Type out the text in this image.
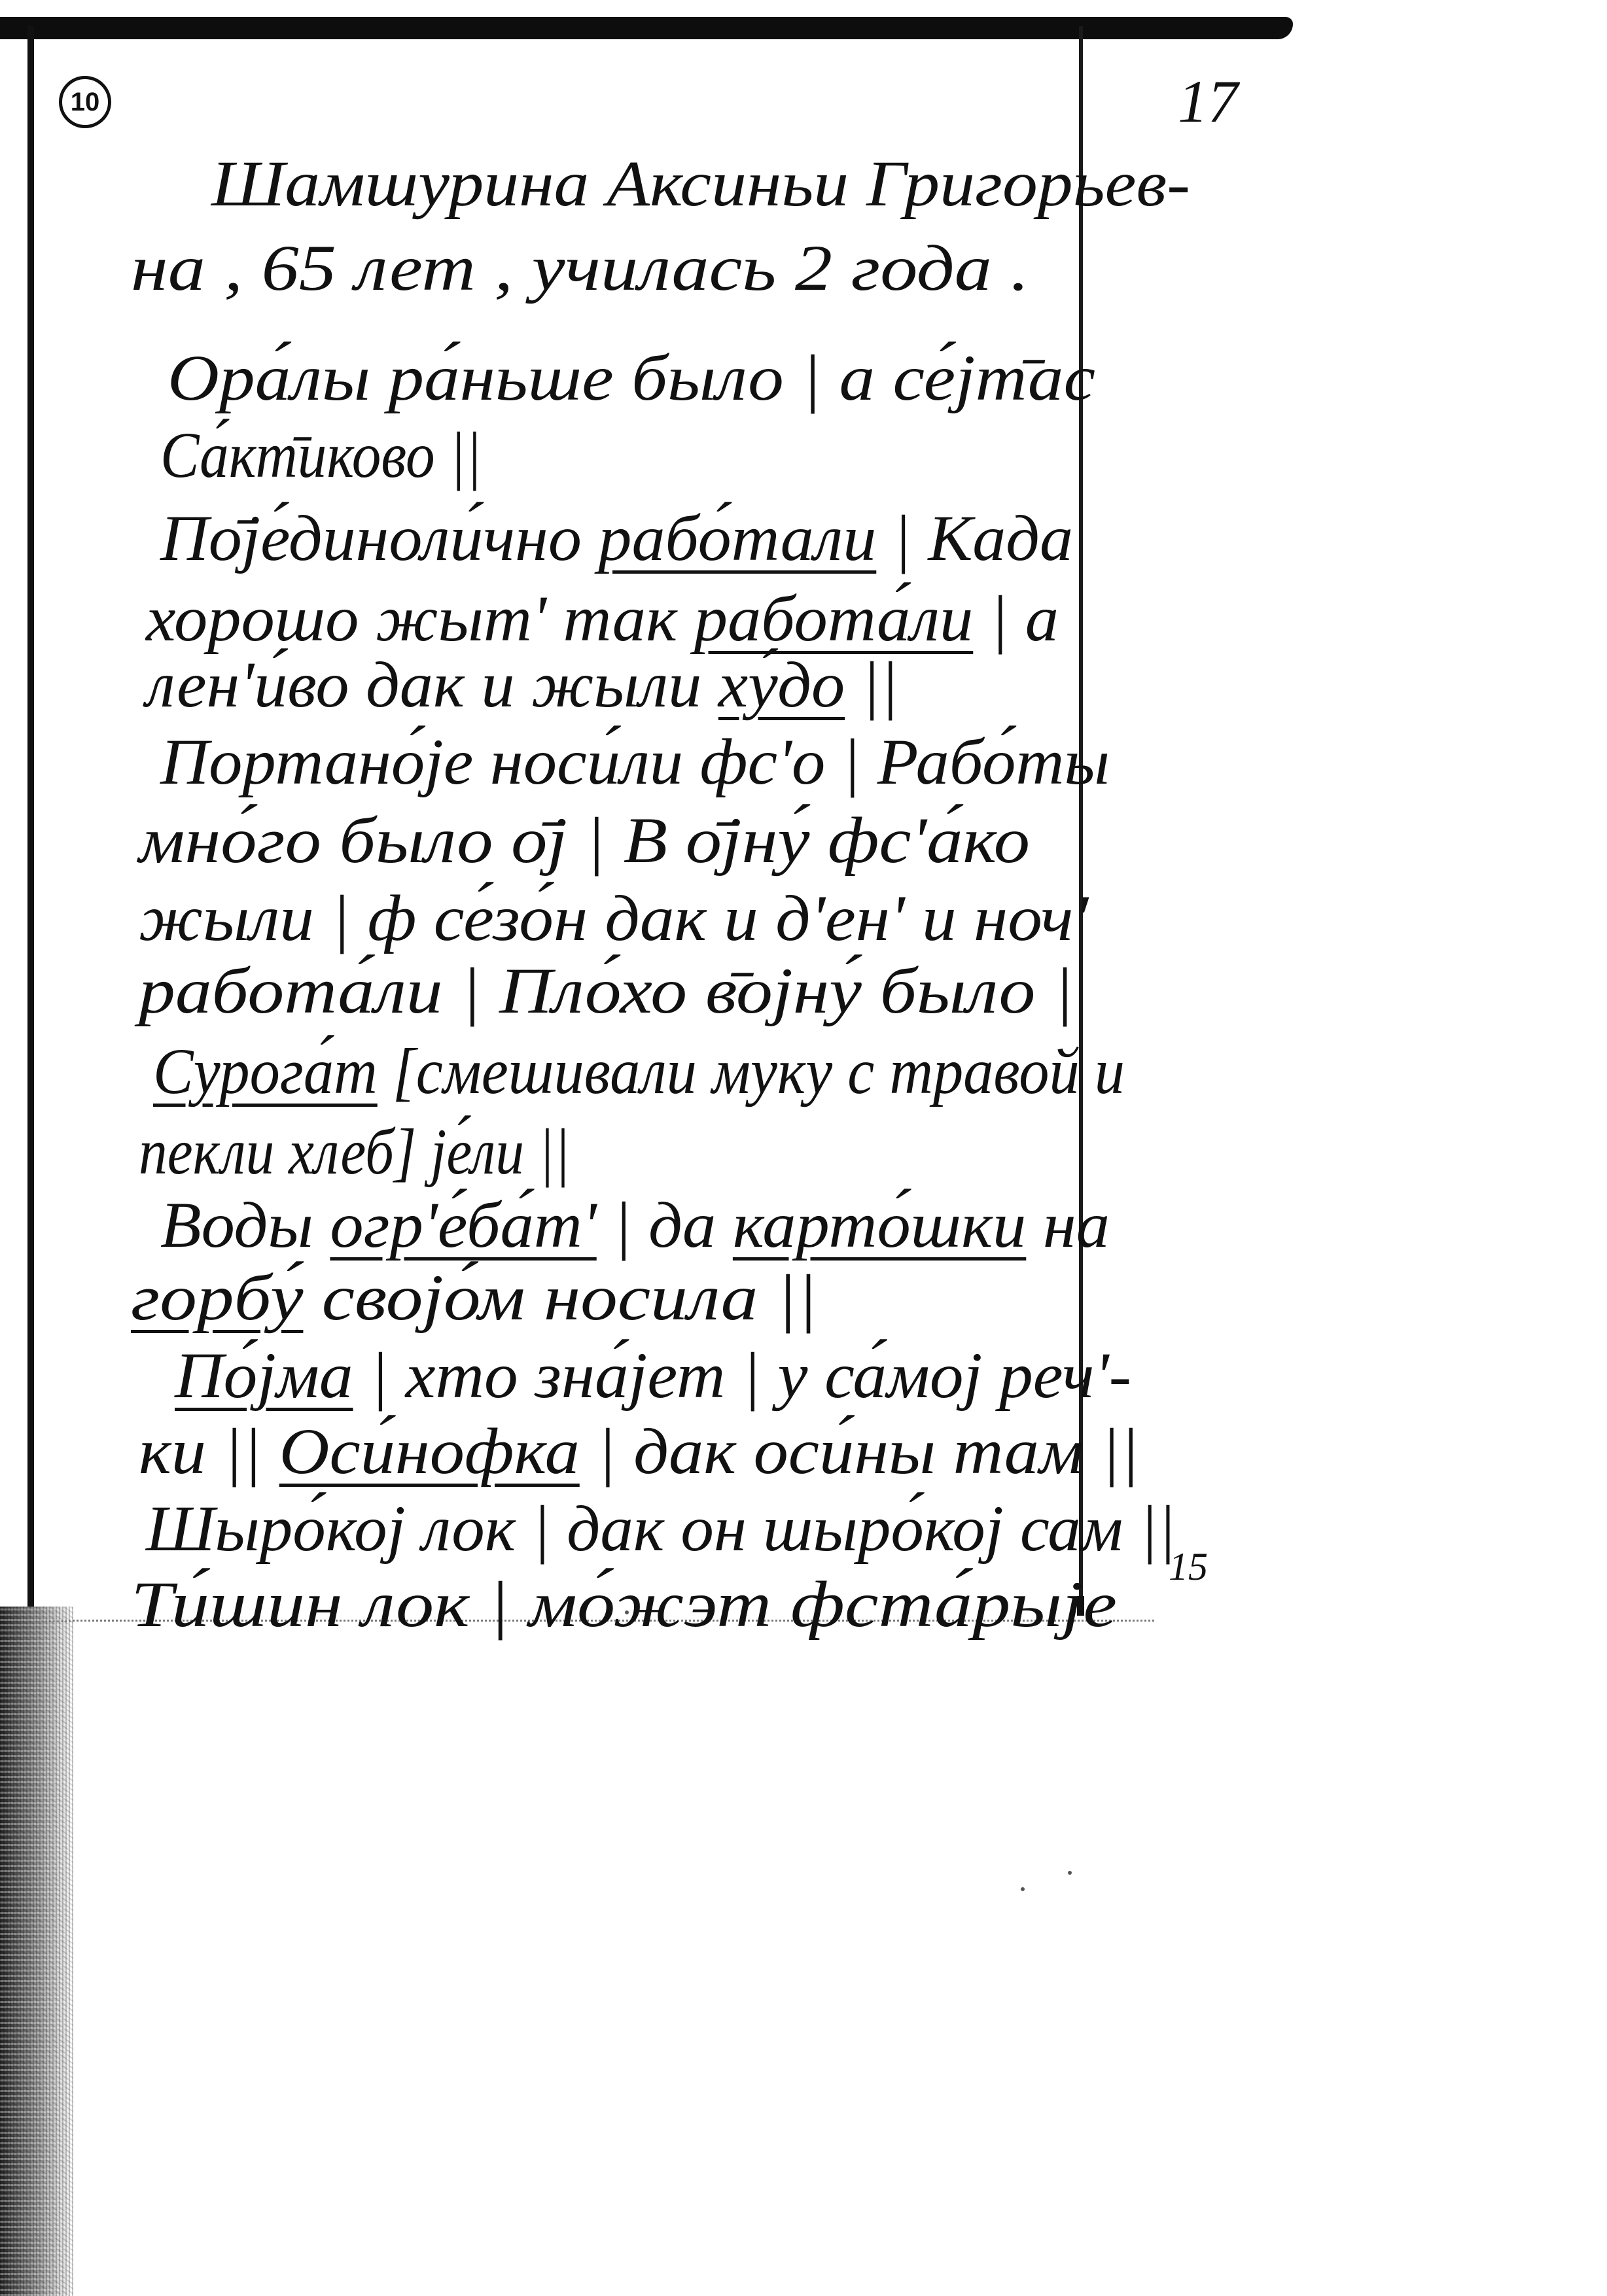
10

Шамшурина Аксиньи Григорьев-

на , 65 лет , училась 2 года .

17

Ора́лы ра́ньше было | а се́јт̄ас

Са́кт̄иково ||

По̄је́диноли́чно рабо́тали | Када

хорошо жыт' так работа́ли | а

лен'и́во дак и жыли ху́до ||

Портано́је носи́ли фс'о | Рабо́ты

мно́го было о̄ј | В о̄јну́ фс'а́ко

жыли | ф се́зо́н дак и д'ен' и ноч'

работа́ли | Пло́хо в̄ојну́ было |

Сурога́т [смешивали муку с травой и

пекли хлеб] је́ли ||

Воды огр'е́ба́т' | да карто́шки на

горбу́ својо́м носила ||

По́јма | хто зна́јет | у са́мој реч'-

ки || Оси́нофка | дак оси́ны там ||

Шыро́кој лок | дак он шыро́кој сам ||

Ти́шин лок | мо́жэт фста́рыје

15
